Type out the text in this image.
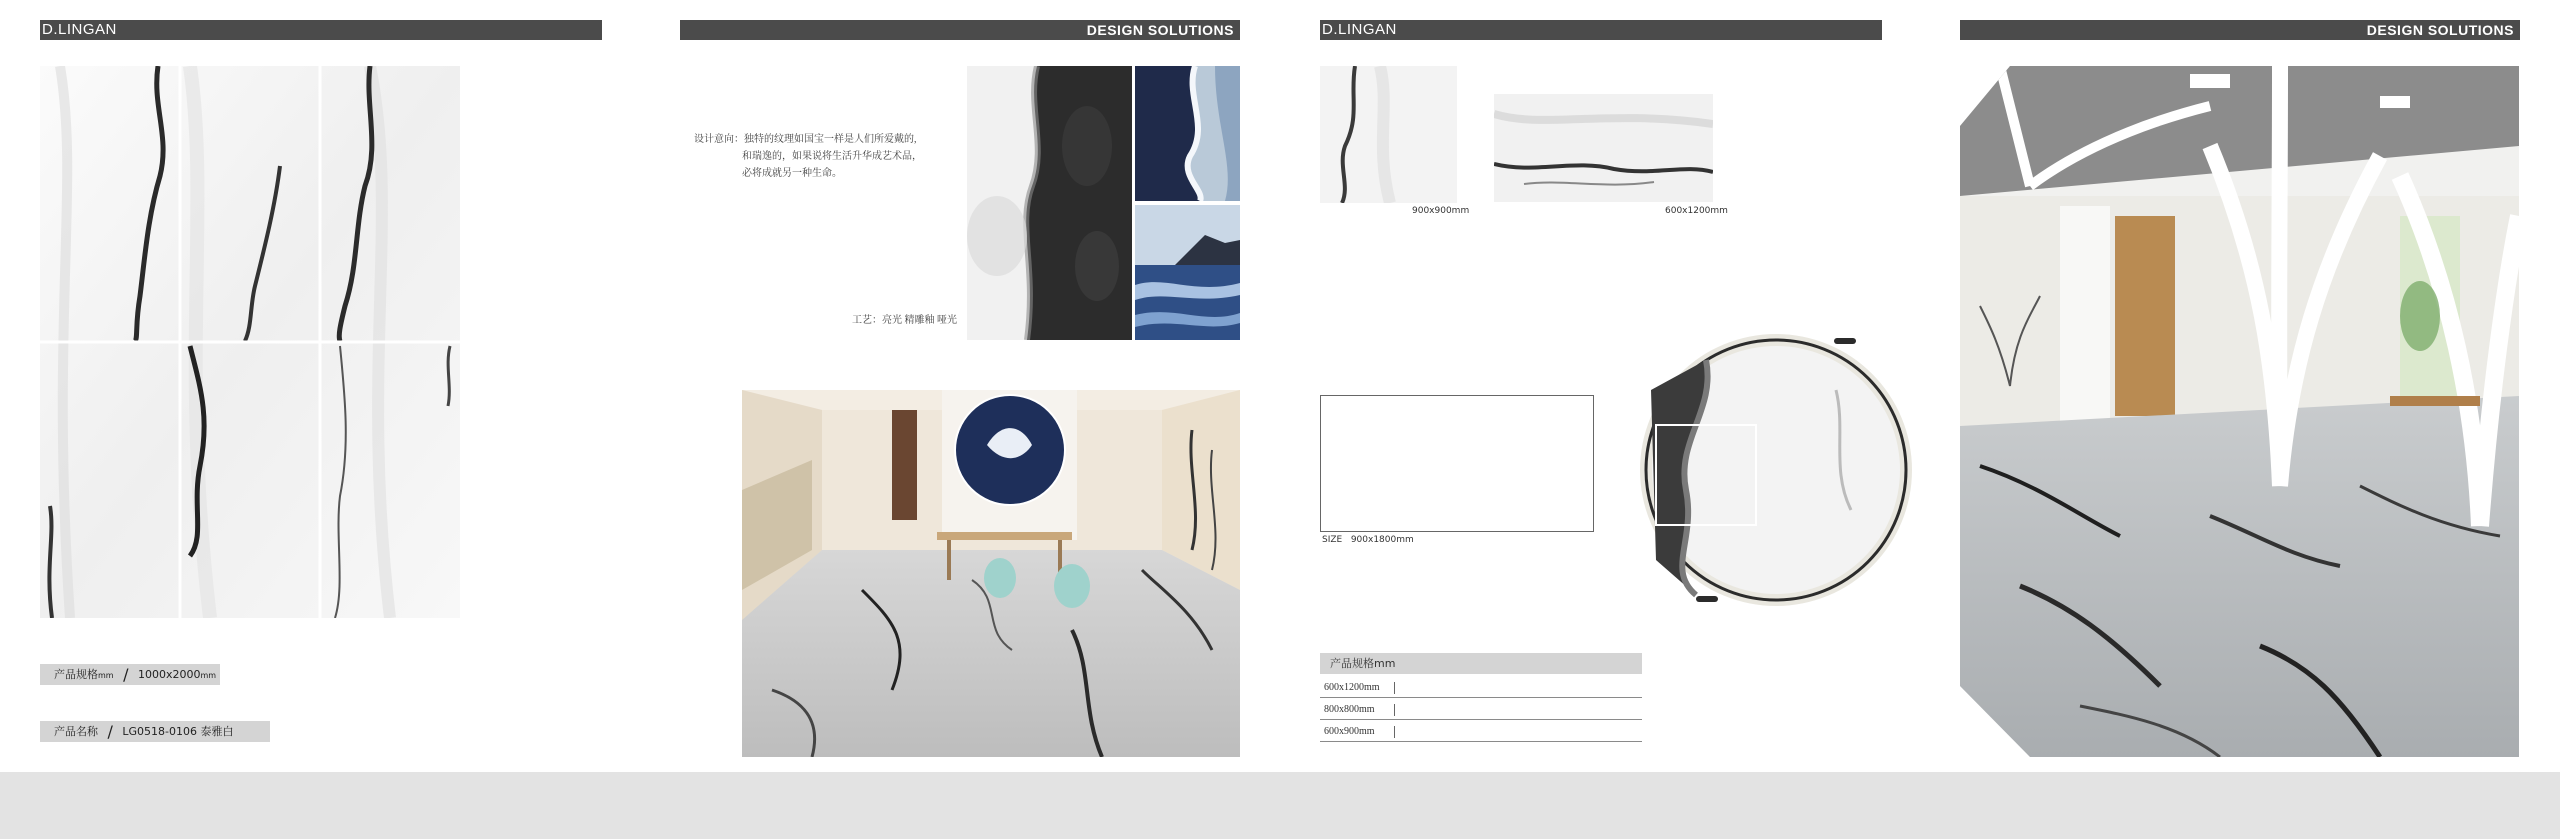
D.LINGAN
产品规格mm / 1000x2000mm
产品名称 / LG0518-0106 泰雅白
DESIGN SOLUTIONS
设计意向：独特的纹理如国宝一样是人们所爱戴的,
和瑞逸的，如果说将生活升华成艺术品，
必将成就另一种生命。
工艺：亮光 精雕釉 哑光
D.LINGAN
900x900mm	600x1200mm
SIZE 900x1800mm
产品规格mm
600x1200mm
800x800mm
600x900mm
DESIGN SOLUTIONS
